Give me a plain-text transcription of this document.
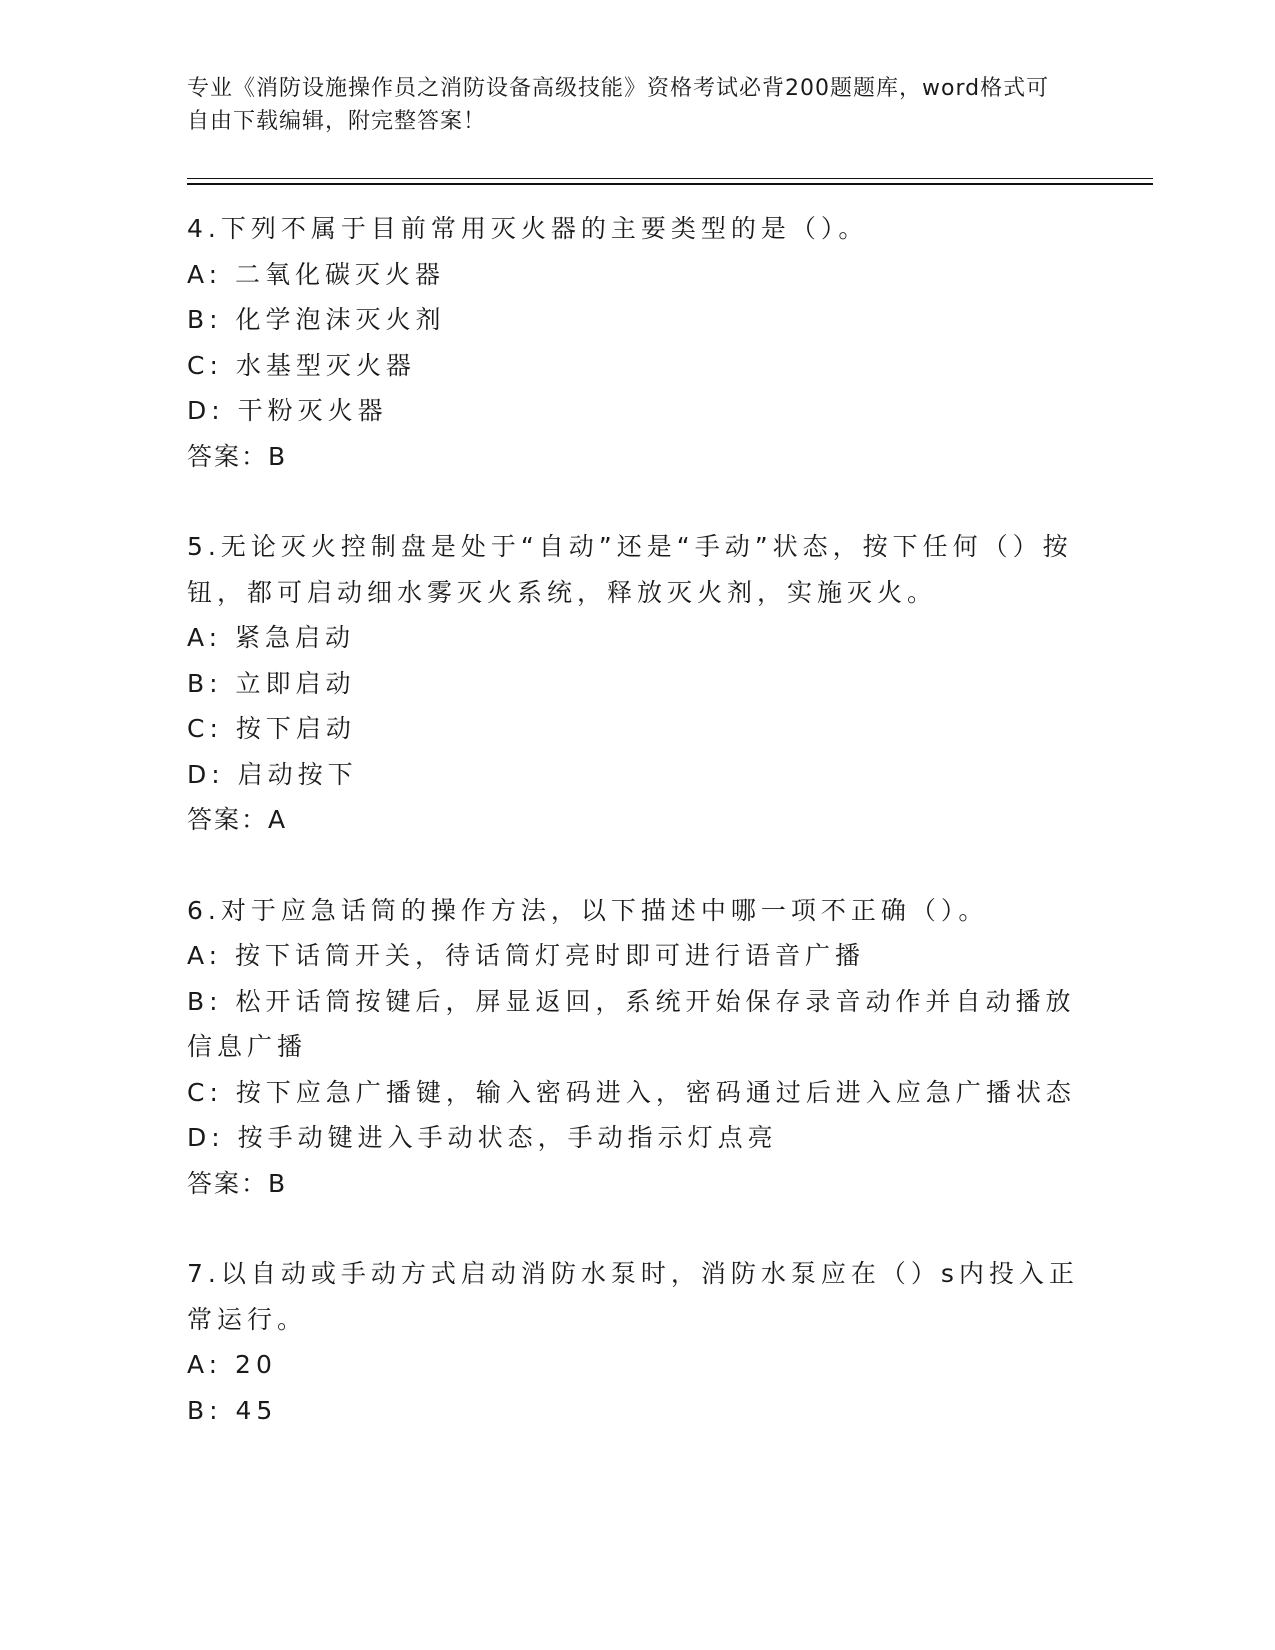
专业《消防设施操作员之消防设备高级技能》资格考试必背200题题库，word格式可自由下载编辑，附完整答案！

4.下列不属于目前常用灭火器的主要类型的是（）。

A: 二氧化碳灭火器

B: 化学泡沫灭火剂

C: 水基型灭火器

D: 干粉灭火器

答案：B

5.无论灭火控制盘是处于“自动”还是“手动”状态，按下任何（）按钮，都可启动细水雾灭火系统，释放灭火剂，实施灭火。

A: 紧急启动

B: 立即启动

C: 按下启动

D: 启动按下

答案：A

6.对于应急话筒的操作方法，以下描述中哪一项不正确（）。

A: 按下话筒开关，待话筒灯亮时即可进行语音广播

B: 松开话筒按键后，屏显返回，系统开始保存录音动作并自动播放信息广播

C: 按下应急广播键，输入密码进入，密码通过后进入应急广播状态

D: 按手动键进入手动状态，手动指示灯点亮

答案：B

7.以自动或手动方式启动消防水泵时，消防水泵应在（）s内投入正常运行。

A: 20

B: 45
